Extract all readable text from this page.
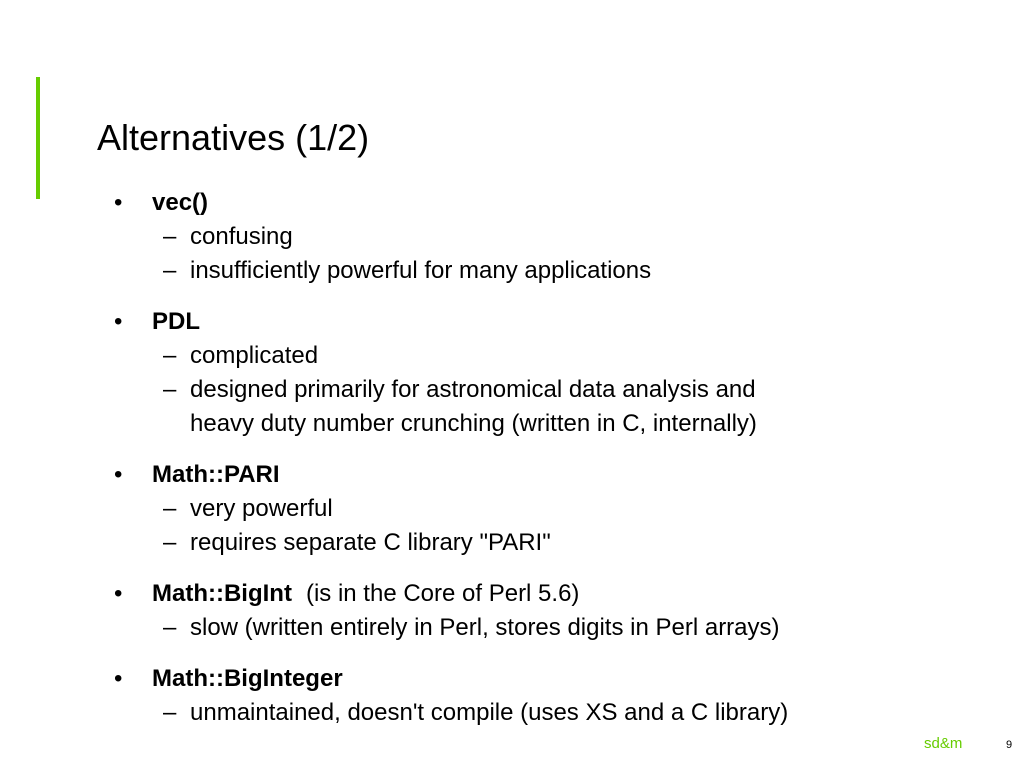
Alternatives (1/2)
• vec()
– confusing
– insufficiently powerful for many applications
• PDL
– complicated
– designed primarily for astronomical data analysis and
heavy duty number crunching (written in C, internally)
• Math::PARI
– very powerful
– requires separate C library "PARI"
• Math::BigInt (is in the Core of Perl 5.6)
– slow (written entirely in Perl, stores digits in Perl arrays)
• Math::BigInteger
– unmaintained, doesn't compile (uses XS and a C library)
sd&m	9
